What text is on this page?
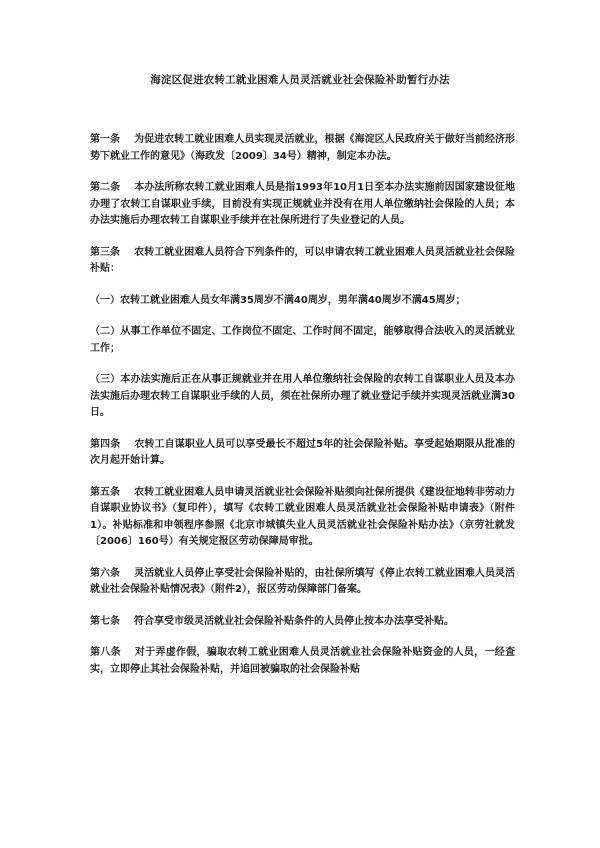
海淀区促进农转工就业困难人员灵活就业社会保险补助暂行办法

第一条 为促进农转工就业困难人员实现灵活就业，根据《海淀区人民政府关于做好当前经济形势下就业工作的意见》（海政发〔2009〕34号）精神，制定本办法。

第二条 本办法所称农转工就业困难人员是指1993年10月1日至本办法实施前因国家建设征地办理了农转工自谋职业手续，目前没有实现正规就业并没有在用人单位缴纳社会保险的人员；本办法实施后办理农转工自谋职业手续并在社保所进行了失业登记的人员。

第三条 农转工就业困难人员符合下列条件的，可以申请农转工就业困难人员灵活就业社会保险补贴：

（一）农转工就业困难人员女年满35周岁不满40周岁，男年满40周岁不满45周岁；

（二）从事工作单位不固定、工作岗位不固定、工作时间不固定，能够取得合法收入的灵活就业工作；

（三）本办法实施后正在从事正规就业并在用人单位缴纳社会保险的农转工自谋职业人员及本办法实施后办理农转工自谋职业手续的人员，须在社保所办理了就业登记手续并实现灵活就业满30日。

第四条 农转工自谋职业人员可以享受最长不超过5年的社会保险补贴。享受起始期限从批准的次月起开始计算。

第五条 农转工就业困难人员申请灵活就业社会保险补贴须向社保所提供《建设征地转非劳动力自谋职业协议书》（复印件），填写《农转工就业困难人员灵活就业社会保险补贴申请表》（附件1）。补贴标准和申领程序参照《北京市城镇失业人员灵活就业社会保险补贴办法》（京劳社就发〔2006〕160号）有关规定报区劳动保障局审批。

第六条 灵活就业人员停止享受社会保险补贴的，由社保所填写《停止农转工就业困难人员灵活就业社会保险补贴情况表》（附件2），报区劳动保障部门备案。

第七条 符合享受市级灵活就业社会保险补贴条件的人员停止按本办法享受补贴。

第八条 对于弄虚作假，骗取农转工就业困难人员灵活就业社会保险补贴资金的人员，一经查实，立即停止其社会保险补贴，并追回被骗取的社会保险补贴
